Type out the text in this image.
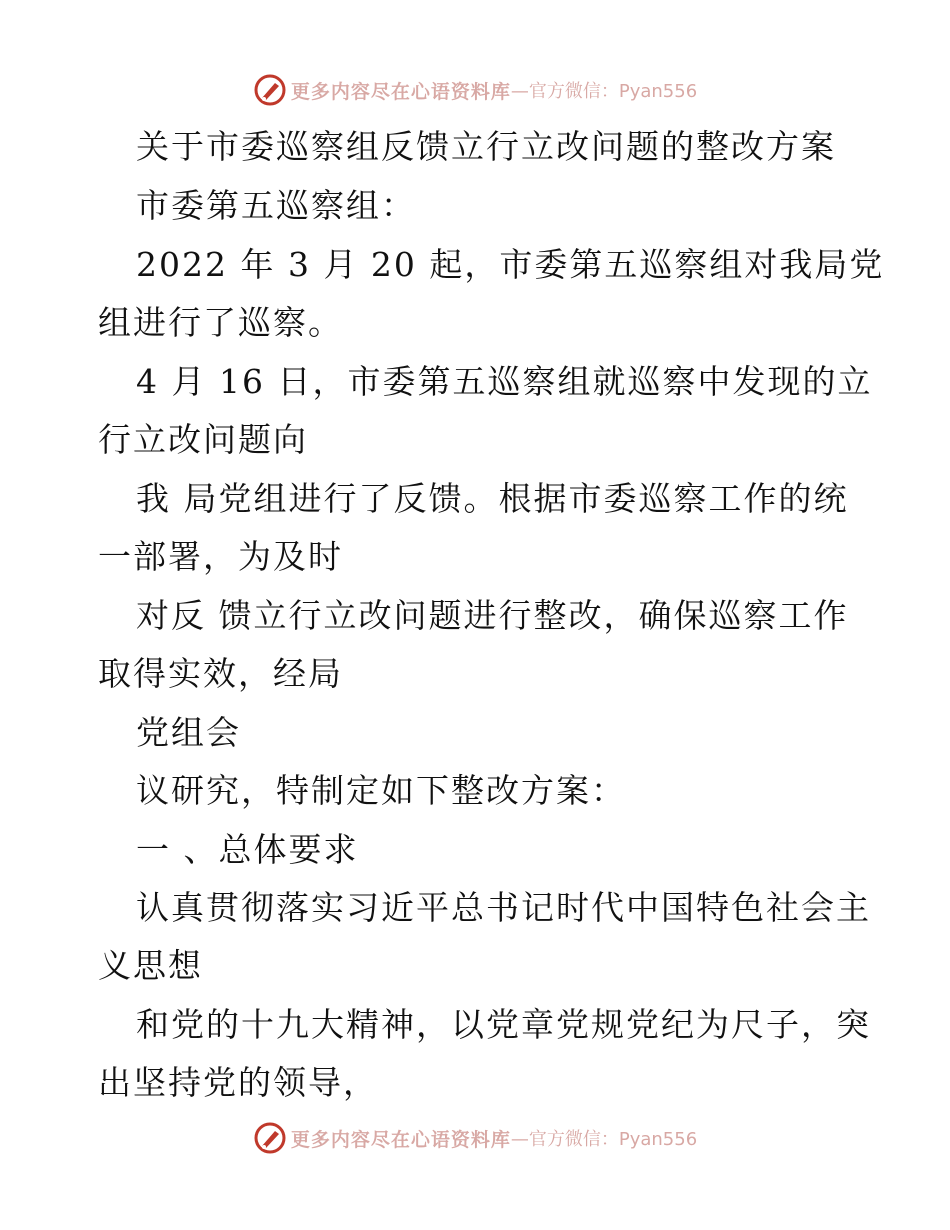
更多内容尽在心语资料库 —官方微信：Pyan556
关于市委巡察组反馈立行立改问题的整改方案
市委第五巡察组：
2022 年 3 月 20 起，市委第五巡察组对我局党
组进行了巡察。
4 月 16 日，市委第五巡察组就巡察中发现的立
行立改问题向
我 局党组进行了反馈。根据市委巡察工作的统
一部署，为及时
对反 馈立行立改问题进行整改，确保巡察工作
取得实效，经局
党组会
议研究，特制定如下整改方案：
一 、总体要求
认真贯彻落实习近平总书记时代中国特色社会主
义思想
和党的十九大精神，以党章党规党纪为尺子，突
出坚持党的领导，
更多内容尽在心语资料库 —官方微信：Pyan556
